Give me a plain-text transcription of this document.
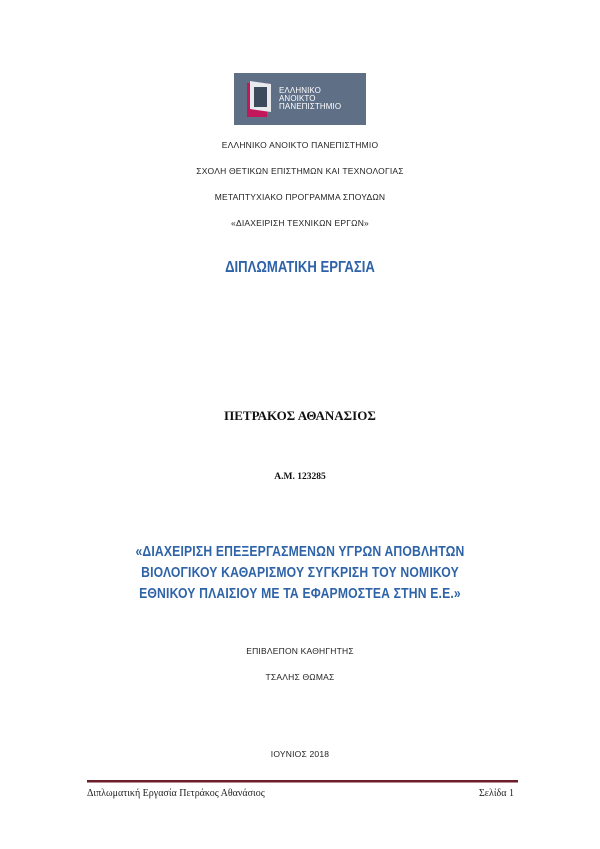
ΕΛΛΗΝΙΚΟ
ΑΝΟΙΚΤΟ
ΠΑΝΕΠΙΣΤΗΜΙΟ
ΕΛΛΗΝΙΚΟ ΑΝΟΙΚΤΟ ΠΑΝΕΠΙΣΤΗΜΙΟ
ΣΧΟΛΗ ΘΕΤΙΚΩΝ ΕΠΙΣΤΗΜΩΝ ΚΑΙ ΤΕΧΝΟΛΟΓΙΑΣ
ΜΕΤΑΠΤΥΧΙΑΚΟ ΠΡΟΓΡΑΜΜΑ ΣΠΟΥΔΩΝ
«ΔΙΑΧΕΙΡΙΣΗ ΤΕΧΝΙΚΩΝ ΕΡΓΩΝ»
ΔΙΠΛΩΜΑΤΙΚΗ ΕΡΓΑΣΙΑ
ΠΕΤΡΑΚΟΣ ΑΘΑΝΑΣΙΟΣ
Α.Μ. 123285
«ΔΙΑΧΕΙΡΙΣΗ ΕΠΕΞΕΡΓΑΣΜΕΝΩΝ ΥΓΡΩΝ ΑΠΟΒΛΗΤΩΝ
ΒΙΟΛΟΓΙΚΟΥ ΚΑΘΑΡΙΣΜΟΥ ΣΥΓΚΡΙΣΗ ΤΟΥ ΝΟΜΙΚΟΥ
ΕΘΝΙΚΟΥ ΠΛΑΙΣΙΟΥ ΜΕ ΤΑ ΕΦΑΡΜΟΣΤΕΑ ΣΤΗΝ Ε.Ε.»
ΕΠΙΒΛΕΠΟΝ ΚΑΘΗΓΗΤΗΣ
ΤΣΑΛΗΣ ΘΩΜΑΣ
ΙΟΥΝΙΟΣ 2018
Διπλωματική Εργασία Πετράκος Αθανάσιος	Σελίδα 1
